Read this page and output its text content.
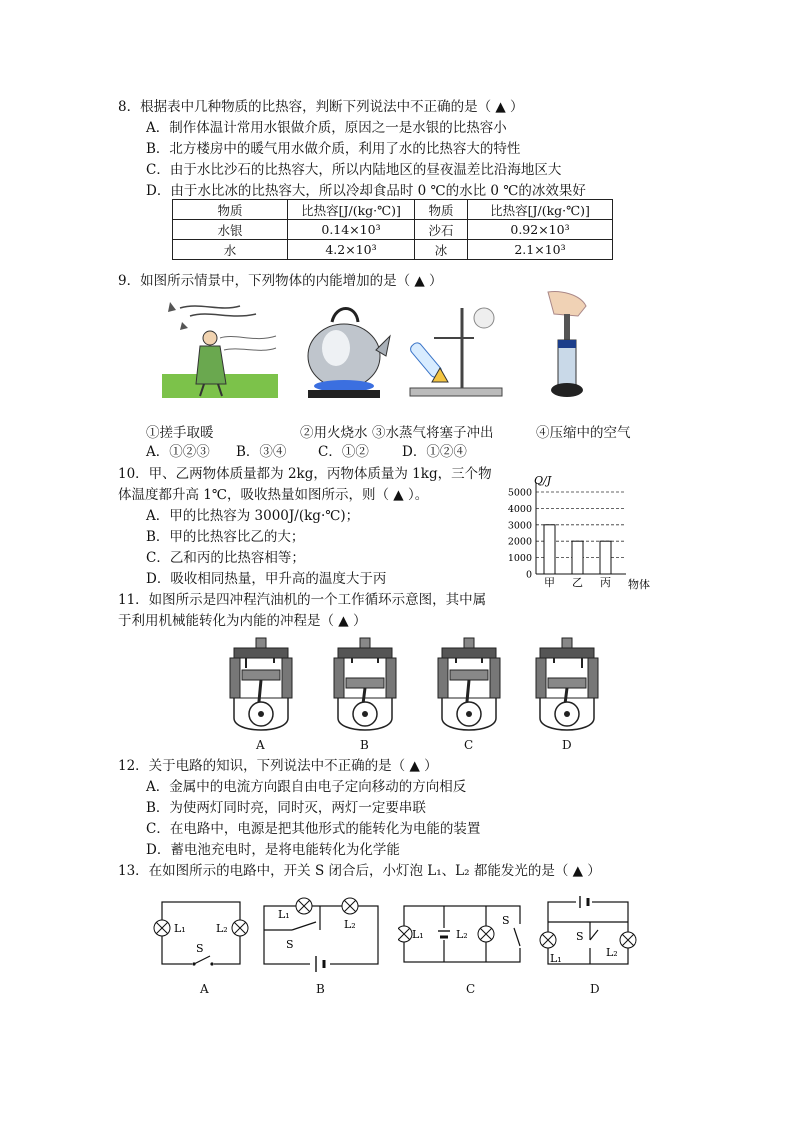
8．根据表中几种物质的比热容，判断下列说法中不正确的是（ ▲ ）
A．制作体温计常用水银做介质，原因之一是水银的比热容小
B．北方楼房中的暖气用水做介质，利用了水的比热容大的特性
C．由于水比沙石的比热容大，所以内陆地区的昼夜温差比沿海地区大
D．由于水比冰的比热容大，所以冷却食品时 0 ℃的水比 0 ℃的冰效果好
物质	比热容[J/(kg·℃)]	物质	比热容[J/(kg·℃)]
水银	0.14×10³	沙石	0.92×10³
水	4.2×10³	冰	2.1×10³
9．如图所示情景中，下列物体的内能增加的是（ ▲ ）
①搓手取暖	②用火烧水 ③水蒸气将塞子冲出	④压缩中的空气
A．①②③ B．③④ C．①② D．①②④
10．甲、乙两物体质量都为 2kg，丙物体质量为 1kg，三个物
体温度都升高 1℃，吸收热量如图所示，则（ ▲ ）。
A．甲的比热容为 3000J/(kg·℃)；
B．甲的比热容比乙的大；
C．乙和丙的比热容相等；
D．吸收相同热量，甲升高的温度大于丙	0
1000
2000
3000
4000
5000
甲 乙 丙
Q/J
物体
11．如图所示是四冲程汽油机的一个工作循环示意图，其中属
于利用机械能转化为内能的冲程是（ ▲ ）
A	B	C	D
12．关于电路的知识，下列说法中不正确的是（ ▲ ）
A．金属中的电流方向跟自由电子定向移动的方向相反
B．为使两灯同时亮，同时灭，两灯一定要串联
C．在电路中，电源是把其他形式的能转化为电能的装置
D．蓄电池充电时，是将电能转化为化学能
13．在如图所示的电路中，开关 S 闭合后，小灯泡 L₁、L₂ 都能发光的是（ ▲ ）
L₁	L₂
S
A
L₁
L₂
S
B
L₁	L₂
S
C
L₁	L₂
S
D
